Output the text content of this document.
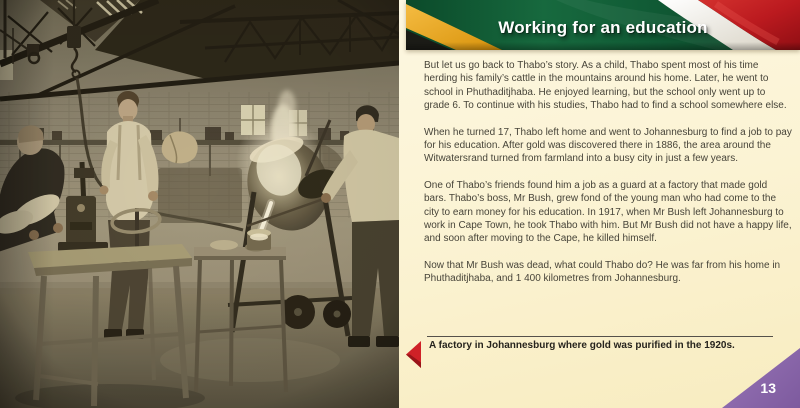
Working for an education

But let us go back to Thabo’s story. As a child, Thabo spent most of his time herding his family’s cattle in the mountains around his home. Later, he went to school in Phuthaditjhaba. He enjoyed learning, but the school only went up to grade 6. To continue with his studies, Thabo had to find a school somewhere else.

When he turned 17, Thabo left home and went to Johannesburg to find a job to pay for his education. After gold was discovered there in 1886, the area around the Witwatersrand turned from farmland into a busy city in just a few years.

One of Thabo’s friends found him a job as a guard at a factory that made gold bars. Thabo’s boss, Mr Bush, grew fond of the young man who had come to the city to earn money for his education. In 1917, when Mr Bush left Johannesburg to work in Cape Town, he took Thabo with him. But Mr Bush did not have a happy life, and soon after moving to the Cape, he killed himself.

Now that Mr Bush was dead, what could Thabo do? He was far from his home in Phuthaditjhaba, and 1 400 kilometres from Johannesburg.

A factory in Johannesburg where gold was purified in the 1920s.
13
